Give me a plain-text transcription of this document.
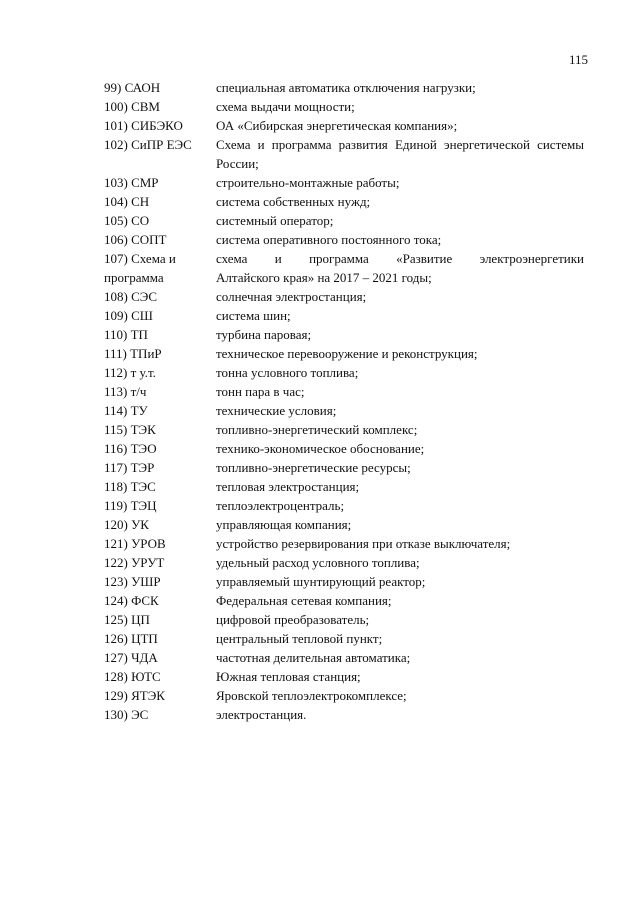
115
99) САОН	специальная автоматика отключения нагрузки;
100) СВМ	схема выдачи мощности;
101) СИБЭКО	ОА «Сибирская энергетическая компания»;
102) СиПР ЕЭС	Схема и программа развития Единой энергетической системы России;
103) СМР	строительно-монтажные работы;
104) СН	система собственных нужд;
105) СО	системный оператор;
106) СОПТ	система оперативного постоянного тока;
107) Схема и	схема и программа «Развитие электроэнергетики
программа	Алтайского края» на 2017 – 2021 годы;
108) СЭС	солнечная электростанция;
109) СШ	система шин;
110) ТП	турбина паровая;
111) ТПиР	техническое перевооружение и реконструкция;
112) т у.т.	тонна условного топлива;
113) т/ч	тонн пара в час;
114) ТУ	технические условия;
115) ТЭК	топливно-энергетический комплекс;
116) ТЭО	технико-экономическое обоснование;
117) ТЭР	топливно-энергетические ресурсы;
118) ТЭС	тепловая электростанция;
119) ТЭЦ	теплоэлектроцентраль;
120) УК	управляющая компания;
121) УРОВ	устройство резервирования при отказе выключателя;
122) УРУТ	удельный расход условного топлива;
123) УШР	управляемый шунтирующий реактор;
124) ФСК	Федеральная сетевая компания;
125) ЦП	цифровой преобразователь;
126) ЦТП	центральный тепловой пункт;
127) ЧДА	частотная делительная автоматика;
128) ЮТС	Южная тепловая станция;
129) ЯТЭК	Яровской теплоэлектрокомплексе;
130) ЭС	электростанция.
